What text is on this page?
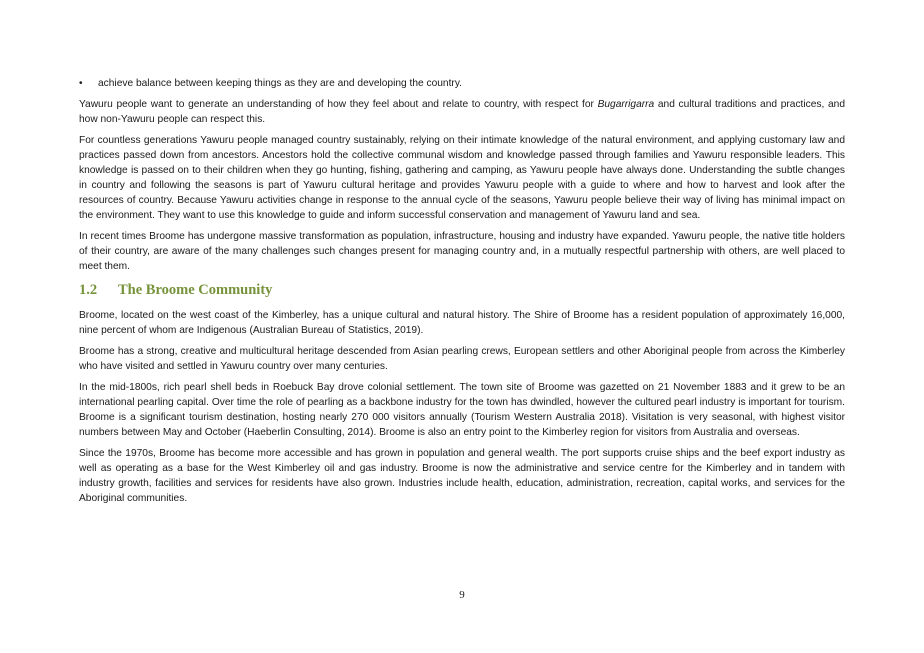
• achieve balance between keeping things as they are and developing the country.

Yawuru people want to generate an understanding of how they feel about and relate to country, with respect for Bugarrigarra and cultural traditions and practices, and how non-Yawuru people can respect this.

For countless generations Yawuru people managed country sustainably, relying on their intimate knowledge of the natural environment, and applying customary law and practices passed down from ancestors. Ancestors hold the collective communal wisdom and knowledge passed through families and Yawuru responsible leaders. This knowledge is passed on to their children when they go hunting, fishing, gathering and camping, as Yawuru people have always done. Understanding the subtle changes in country and following the seasons is part of Yawuru cultural heritage and provides Yawuru people with a guide to where and how to harvest and look after the resources of country. Because Yawuru activities change in response to the annual cycle of the seasons, Yawuru people believe their way of living has minimal impact on the environment. They want to use this knowledge to guide and inform successful conservation and management of Yawuru land and sea.

In recent times Broome has undergone massive transformation as population, infrastructure, housing and industry have expanded. Yawuru people, the native title holders of their country, are aware of the many challenges such changes present for managing country and, in a mutually respectful partnership with others, are well placed to meet them.

1.2	The Broome Community

Broome, located on the west coast of the Kimberley, has a unique cultural and natural history. The Shire of Broome has a resident population of approximately 16,000, nine percent of whom are Indigenous (Australian Bureau of Statistics, 2019).

Broome has a strong, creative and multicultural heritage descended from Asian pearling crews, European settlers and other Aboriginal people from across the Kimberley who have visited and settled in Yawuru country over many centuries.

In the mid-1800s, rich pearl shell beds in Roebuck Bay drove colonial settlement. The town site of Broome was gazetted on 21 November 1883 and it grew to be an international pearling capital. Over time the role of pearling as a backbone industry for the town has dwindled, however the cultured pearl industry is important for tourism. Broome is a significant tourism destination, hosting nearly 270 000 visitors annually (Tourism Western Australia 2018). Visitation is very seasonal, with highest visitor numbers between May and October (Haeberlin Consulting, 2014). Broome is also an entry point to the Kimberley region for visitors from Australia and overseas.

Since the 1970s, Broome has become more accessible and has grown in population and general wealth. The port supports cruise ships and the beef export industry as well as operating as a base for the West Kimberley oil and gas industry. Broome is now the administrative and service centre for the Kimberley and in tandem with industry growth, facilities and services for residents have also grown. Industries include health, education, administration, recreation, capital works, and services for the Aboriginal communities.

9
